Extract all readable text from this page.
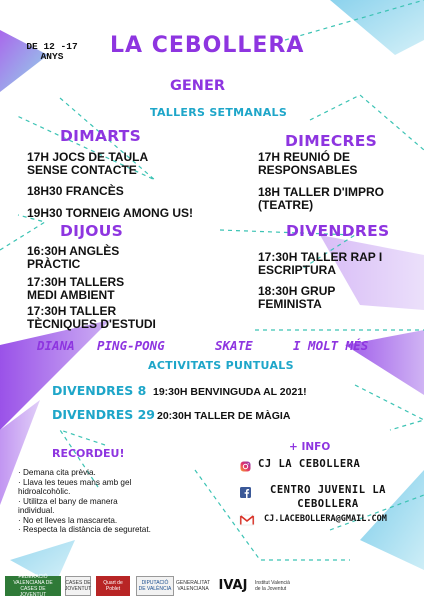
DE 12 -17
ANYS	LA CEBOLLERA
GENER
TALLERS SETMANALS
DIMARTS
17H JOCS DE TAULA
SENSE CONTACTE
18H30 FRANCÈS
19H30 TORNEIG AMONG US!
DIMECRES
17H REUNIÓ DE
RESPONSABLES
18H TALLER D'IMPRO
(TEATRE)
DIJOUS
16:30H ANGLÈS
PRÀCTIC
17:30H TALLERS
MEDI AMBIENT
17:30H TALLER
TÈCNIQUES D'ESTUDI
DIVENDRES
17:30H TALLER RAP I
ESCRIPTURA
18:30H GRUP
FEMINISTA
DIANA PING-PONG	SKATE	I MOLT MÉS
ACTIVITATS PUNTUALS
DIVENDRES 8 19:30H BENVINGUDA AL 2021!
DIVENDRES 29 20:30H TALLER DE MÀGIA
RECORDEU!
· Demana cita prèvia.
· Llava les teues mans amb gel
hidroalcohòlic.
· Utilitza el bany de manera
individual.
· No et lleves la mascareta.
· Respecta la distància de seguretat.
+ INFO
CJ LA CEBOLLERA
CENTRO JUVENIL LA
CEBOLLERA
CJ.LACEBOLLERA@GMAIL.COM
FEDERACIÓ VALENCIANA DE CASES DE JOVENTUT
CASES DE JOVENTUT
Quart de Poblet
DIPUTACIÓ DE VALÈNCIA
GENERALITAT VALENCIANA IVAJ Institut Valencià de la Joventut
